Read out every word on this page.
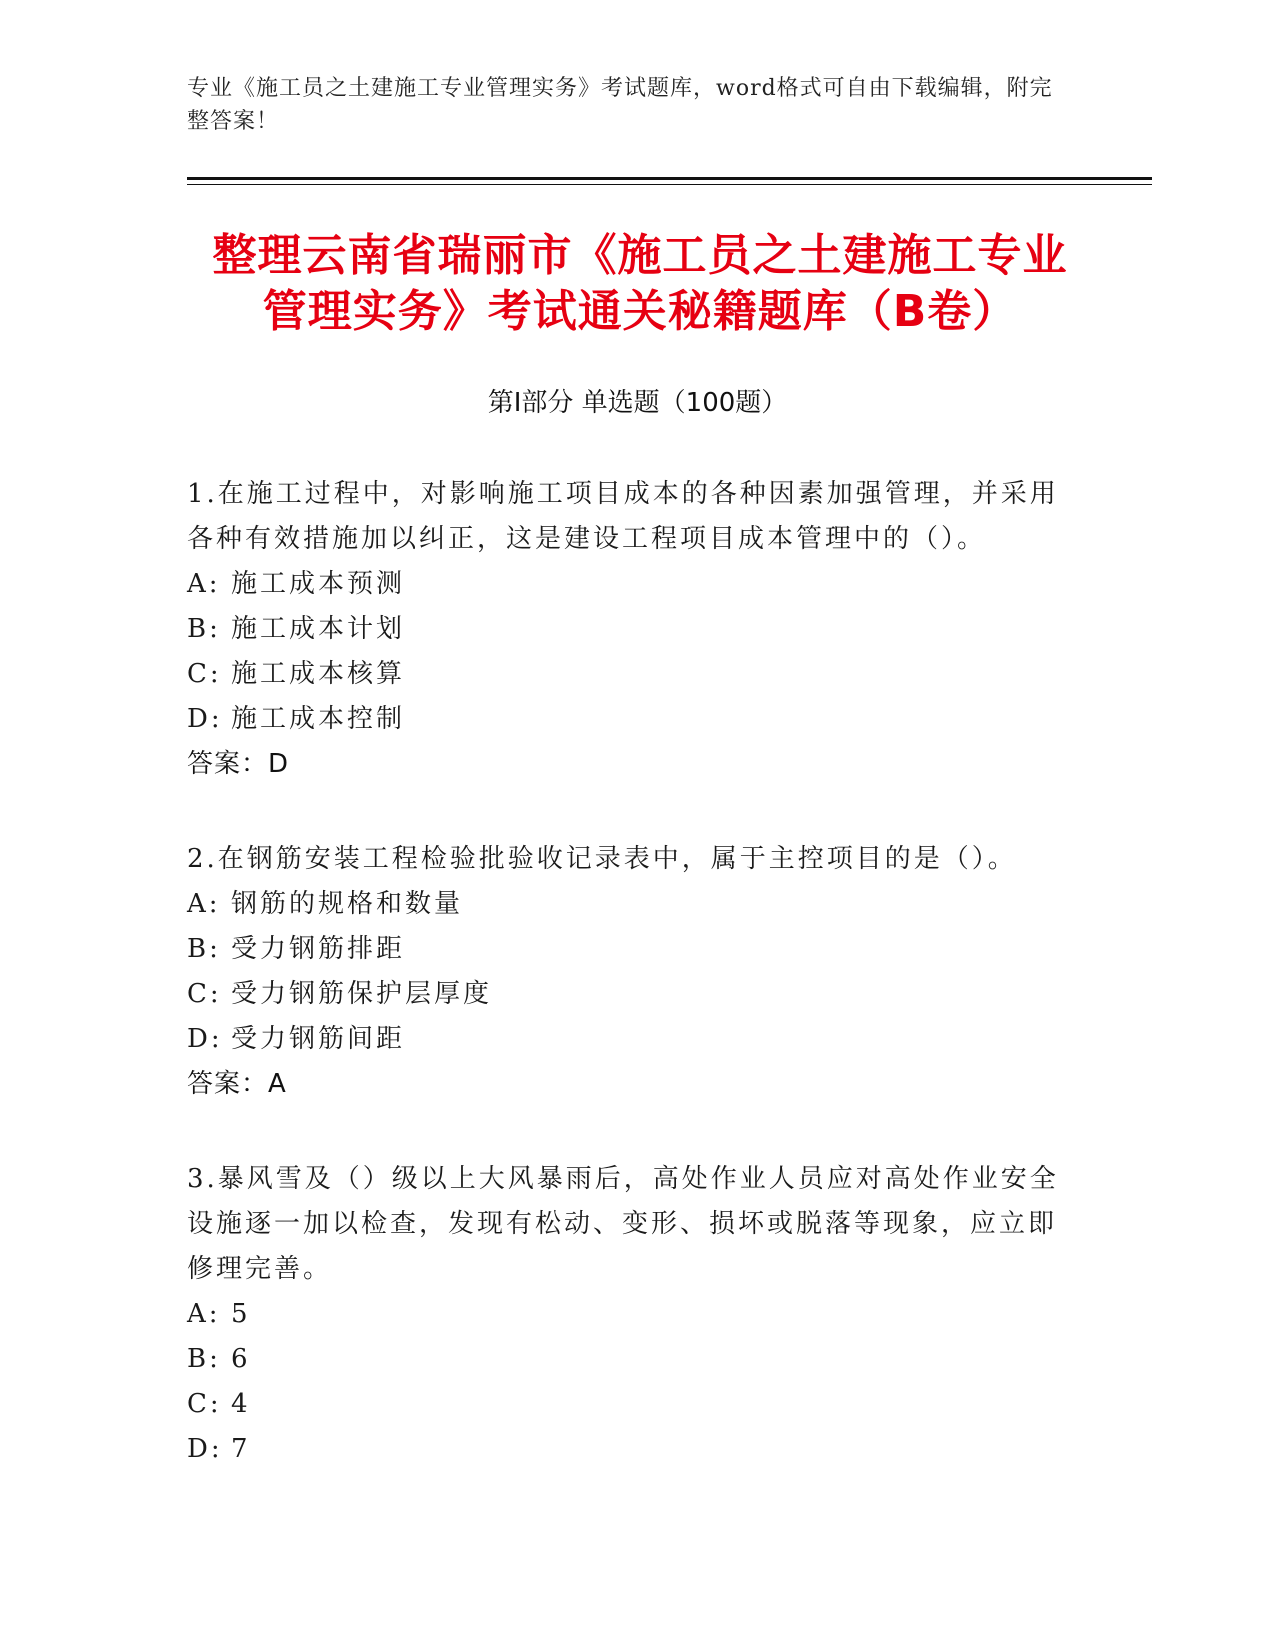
专业《施工员之土建施工专业管理实务》考试题库，word格式可自由下载编辑，附完整答案！
整理云南省瑞丽市《施工员之土建施工专业
管理实务》考试通关秘籍题库（B卷）
第I部分 单选题（100题）

1.在施工过程中，对影响施工项目成本的各种因素加强管理，并采用各种有效措施加以纠正，这是建设工程项目成本管理中的（）。

A: 施工成本预测

B: 施工成本计划

C: 施工成本核算

D: 施工成本控制

答案：D

2.在钢筋安装工程检验批验收记录表中，属于主控项目的是（）。

A: 钢筋的规格和数量

B: 受力钢筋排距

C: 受力钢筋保护层厚度

D: 受力钢筋间距

答案：A

3.暴风雪及（）级以上大风暴雨后，高处作业人员应对高处作业安全设施逐一加以检查，发现有松动、变形、损坏或脱落等现象，应立即修理完善。

A: 5

B: 6

C: 4

D: 7
